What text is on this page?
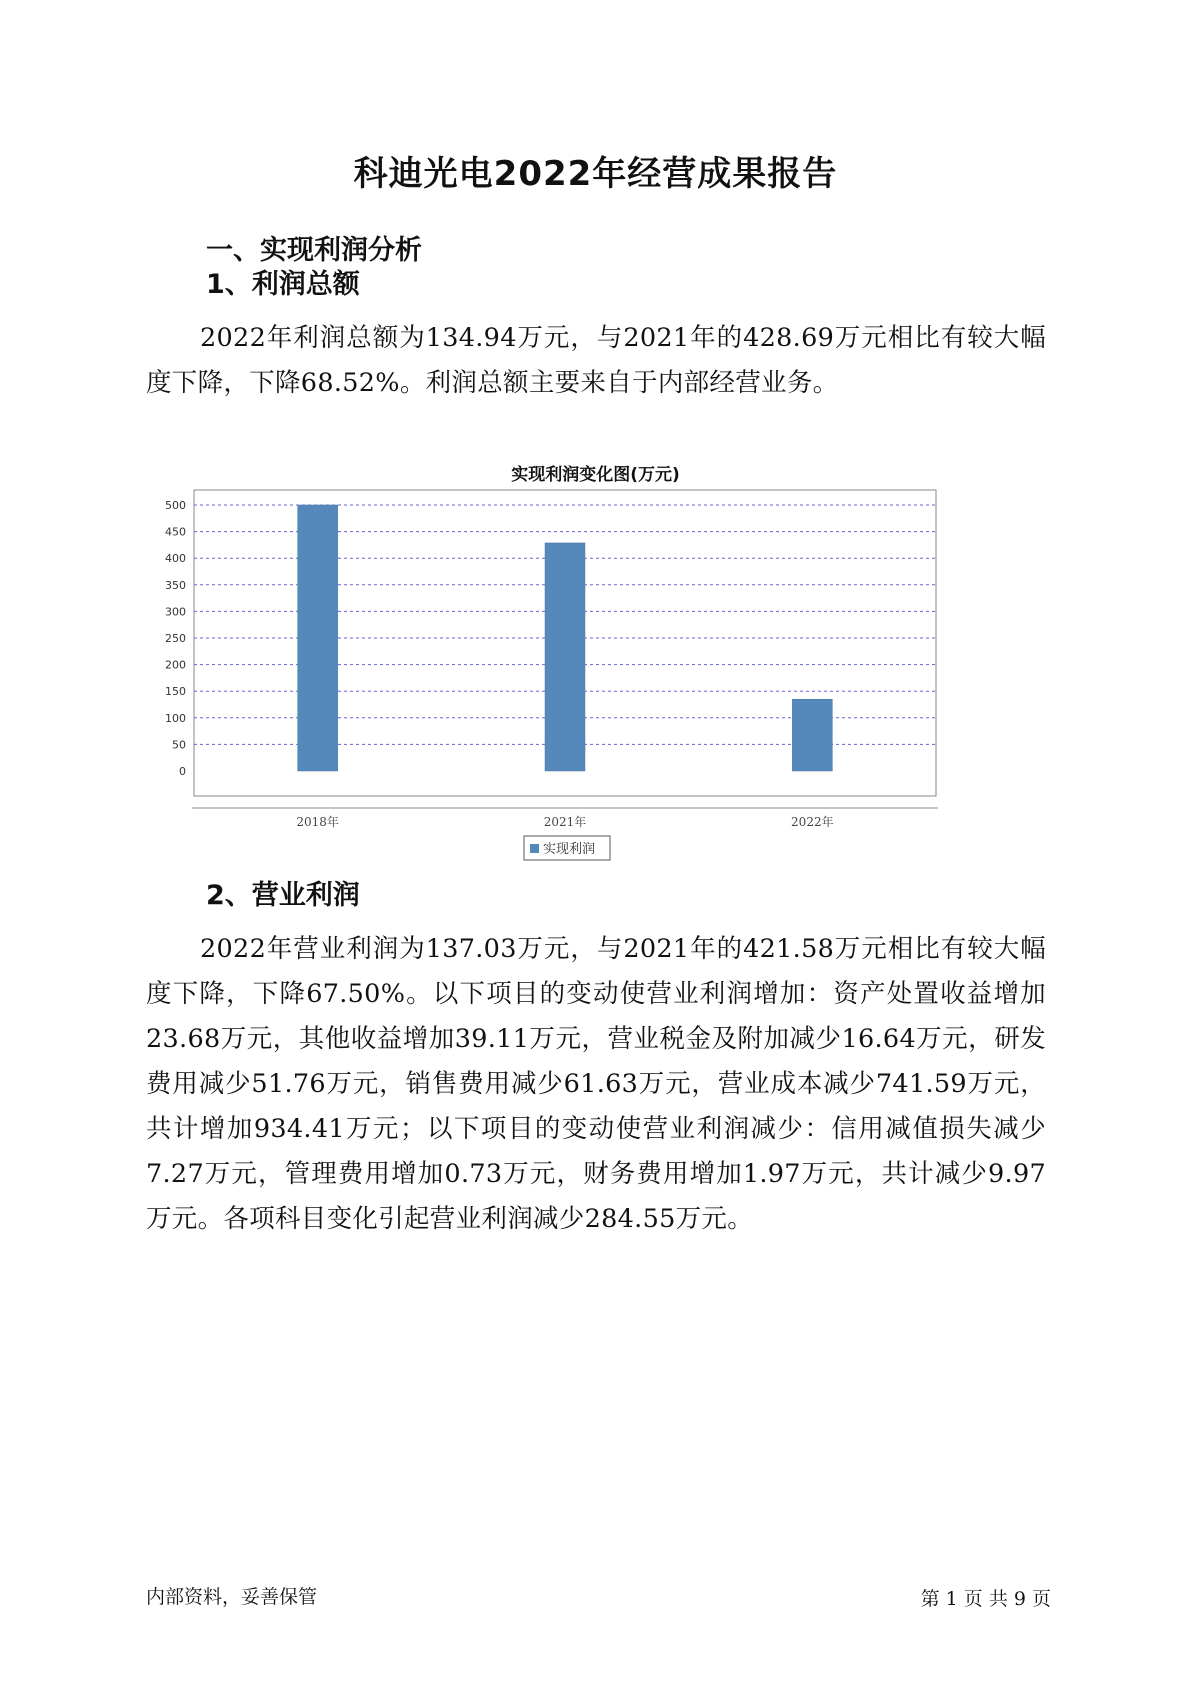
科迪光电2022年经营成果报告
一、实现利润分析
1、利润总额

2022年利润总额为134.94万元，与2021年的428.69万元相比有较大幅度下降，下降68.52%。利润总额主要来自于内部经营业务。

实现利润变化图(万元)
0
50
100
150
200
250
300
350
400
450
500
2018年	2021年	2022年
实现利润
2、营业利润

2022年营业利润为137.03万元，与2021年的421.58万元相比有较大幅度下降，下降67.50%。以下项目的变动使营业利润增加：资产处置收益增加23.68万元，其他收益增加39.11万元，营业税金及附加减少16.64万元，研发费用减少51.76万元，销售费用减少61.63万元，营业成本减少741.59万元，共计增加934.41万元；以下项目的变动使营业利润减少：信用减值损失减少7.27万元，管理费用增加0.73万元，财务费用增加1.97万元，共计减少9.97万元。各项科目变化引起营业利润减少284.55万元。

内部资料，妥善保管	第 1 页 共 9 页
